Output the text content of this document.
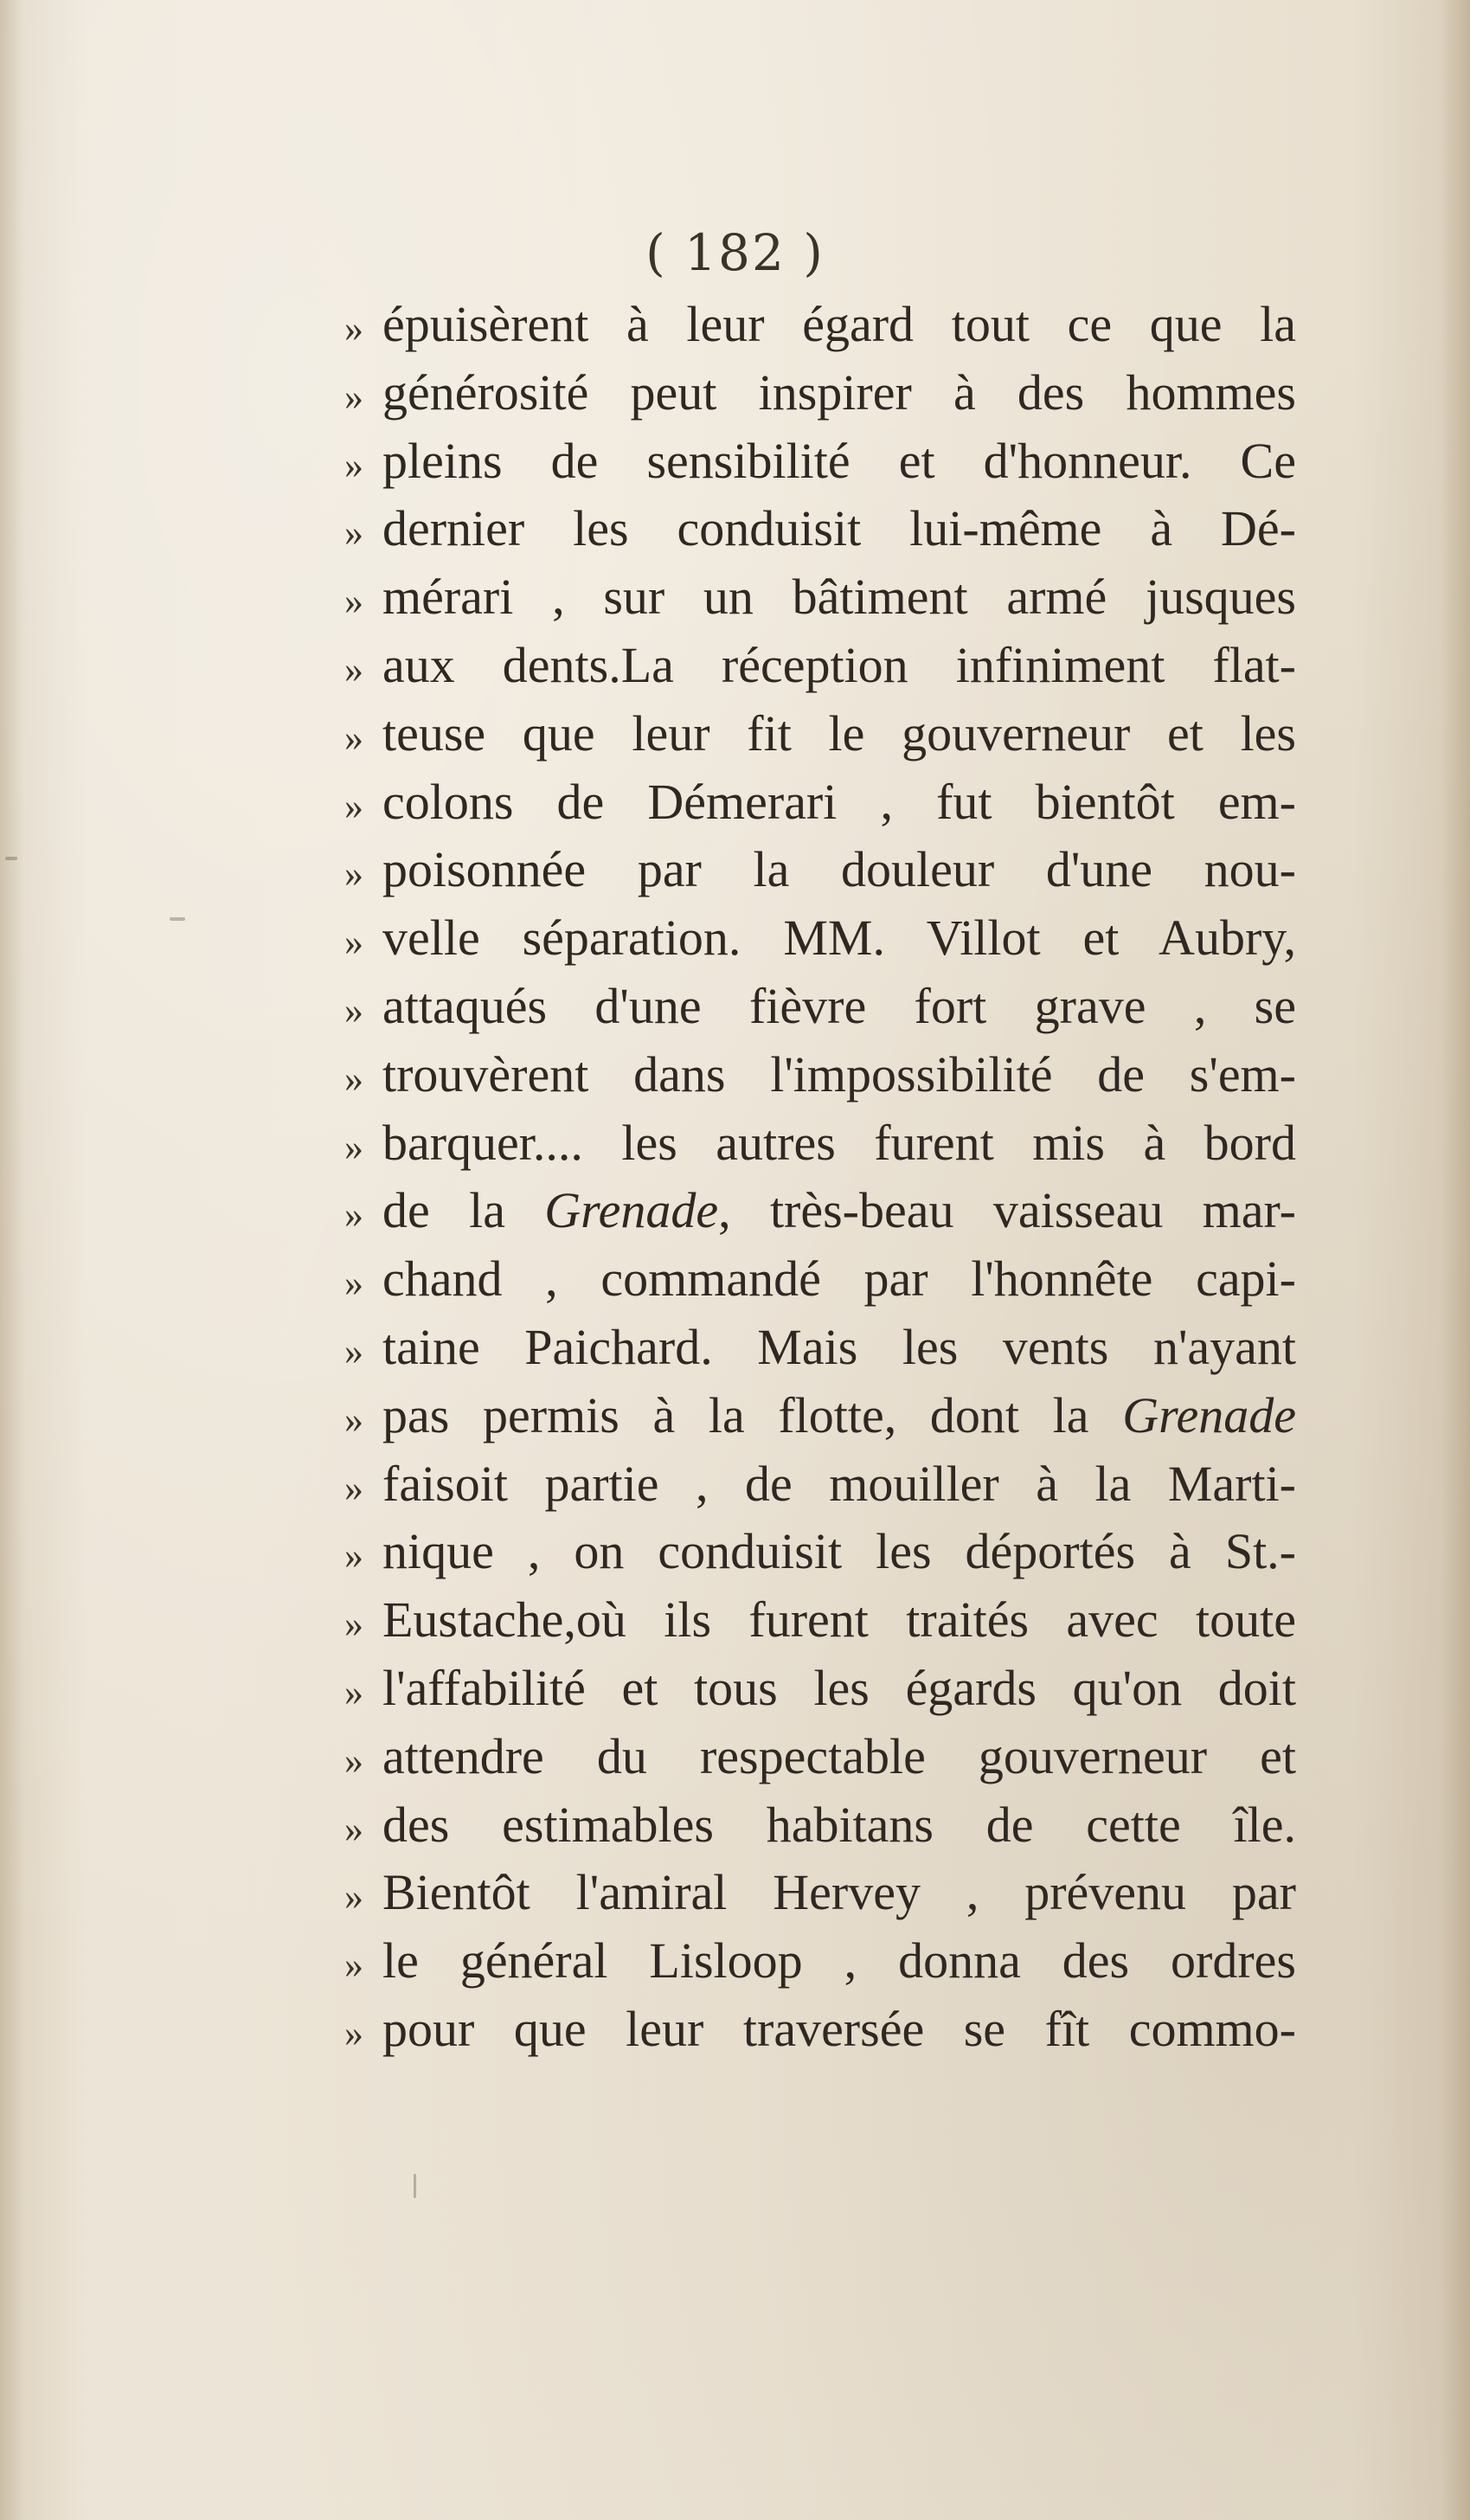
( 182 )
» épuisèrent à leur égard tout ce que la
» générosité peut inspirer à des hommes
» pleins de sensibilité et d'honneur. Ce
» dernier les conduisit lui-même à Dé-
» mérari , sur un bâtiment armé jusques
» aux dents.La réception infiniment flat-
» teuse que leur fit le gouverneur et les
» colons de Démerari , fut bientôt em-
» poisonnée par la douleur d'une nou-
» velle séparation. MM. Villot et Aubry,
» attaqués d'une fièvre fort grave , se
» trouvèrent dans l'impossibilité de s'em-
» barquer.... les autres furent mis à bord
» de la Grenade, très-beau vaisseau mar-
» chand , commandé par l'honnête capi-
» taine Paichard. Mais les vents n'ayant
» pas permis à la flotte, dont la Grenade
» faisoit partie , de mouiller à la Marti-
» nique , on conduisit les déportés à St.-
» Eustache,où ils furent traités avec toute
» l'affabilité et tous les égards qu'on doit
» attendre du respectable gouverneur et
» des estimables habitans de cette île.
» Bientôt l'amiral Hervey , prévenu par
» le général Lisloop , donna des ordres
» pour que leur traversée se fît commo-
